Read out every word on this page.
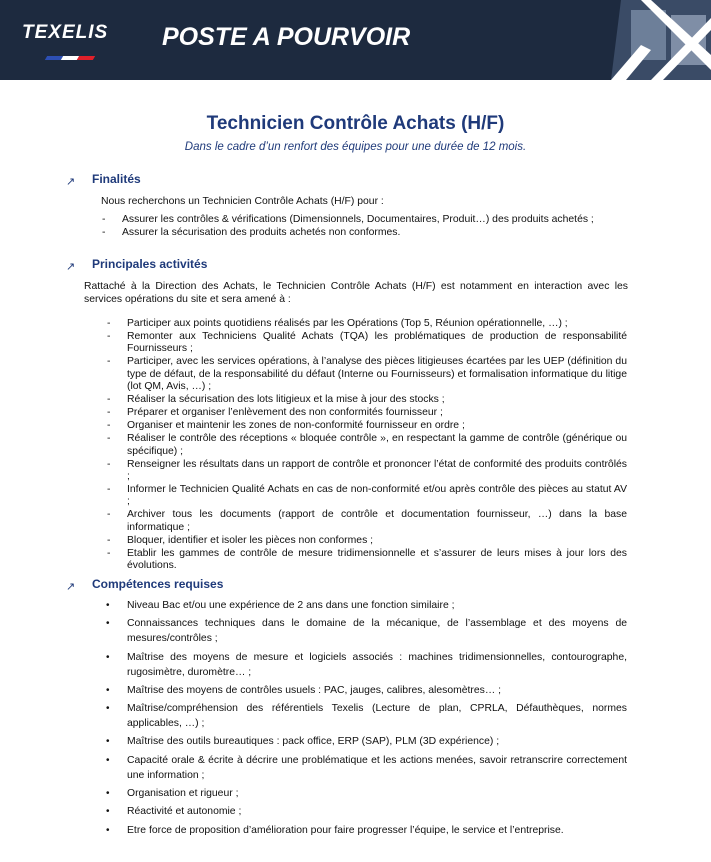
TEXELIS POSTE A POURVOIR
Technicien Contrôle Achats (H/F)
Dans le cadre d’un renfort des équipes pour une durée de 12 mois.
↗ Finalités
Nous recherchons un Technicien Contrôle Achats (H/F) pour :
- Assurer les contrôles & vérifications (Dimensionnels, Documentaires, Produit…) des produits achetés ;
- Assurer la sécurisation des produits achetés non conformes.
↗ Principales activités
Rattaché à la Direction des Achats, le Technicien Contrôle Achats (H/F) est notamment en interaction avec les services opérations du site et sera amené à :
- Participer aux points quotidiens réalisés par les Opérations (Top 5, Réunion opérationnelle, …) ;
- Remonter aux Techniciens Qualité Achats (TQA) les problématiques de production de responsabilité Fournisseurs ;
- Participer, avec les services opérations, à l’analyse des pièces litigieuses écartées par les UEP (définition du type de défaut, de la responsabilité du défaut (Interne ou Fournisseurs) et formalisation informatique du litige (lot QM, Avis, …) ;
- Réaliser la sécurisation des lots litigieux et la mise à jour des stocks ;
- Préparer et organiser l’enlèvement des non conformités fournisseur ;
- Organiser et maintenir les zones de non-conformité fournisseur en ordre ;
- Réaliser le contrôle des réceptions « bloquée contrôle », en respectant la gamme de contrôle (générique ou spécifique) ;
- Renseigner les résultats dans un rapport de contrôle et prononcer l’état de conformité des produits contrôlés ;
- Informer le Technicien Qualité Achats en cas de non-conformité et/ou après contrôle des pièces au statut AV ;
- Archiver tous les documents (rapport de contrôle et documentation fournisseur, …) dans la base informatique ;
- Bloquer, identifier et isoler les pièces non conformes ;
- Etablir les gammes de contrôle de mesure tridimensionnelle et s’assurer de leurs mises à jour lors des évolutions.
↗ Compétences requises
• Niveau Bac et/ou une expérience de 2 ans dans une fonction similaire ;
• Connaissances techniques dans le domaine de la mécanique, de l’assemblage et des moyens de mesures/contrôles ;
• Maîtrise des moyens de mesure et logiciels associés : machines tridimensionnelles, contourographe, rugosimètre, duromètre… ;
• Maîtrise des moyens de contrôles usuels : PAC, jauges, calibres, alesomètres… ;
• Maîtrise/compréhension des référentiels Texelis (Lecture de plan, CPRLA, Défauthèques, normes applicables, …) ;
• Maîtrise des outils bureautiques : pack office, ERP (SAP), PLM (3D expérience) ;
• Capacité orale & écrite à décrire une problématique et les actions menées, savoir retranscrire correctement une information ;
• Organisation et rigueur ;
• Réactivité et autonomie ;
• Etre force de proposition d’amélioration pour faire progresser l’équipe, le service et l’entreprise.
